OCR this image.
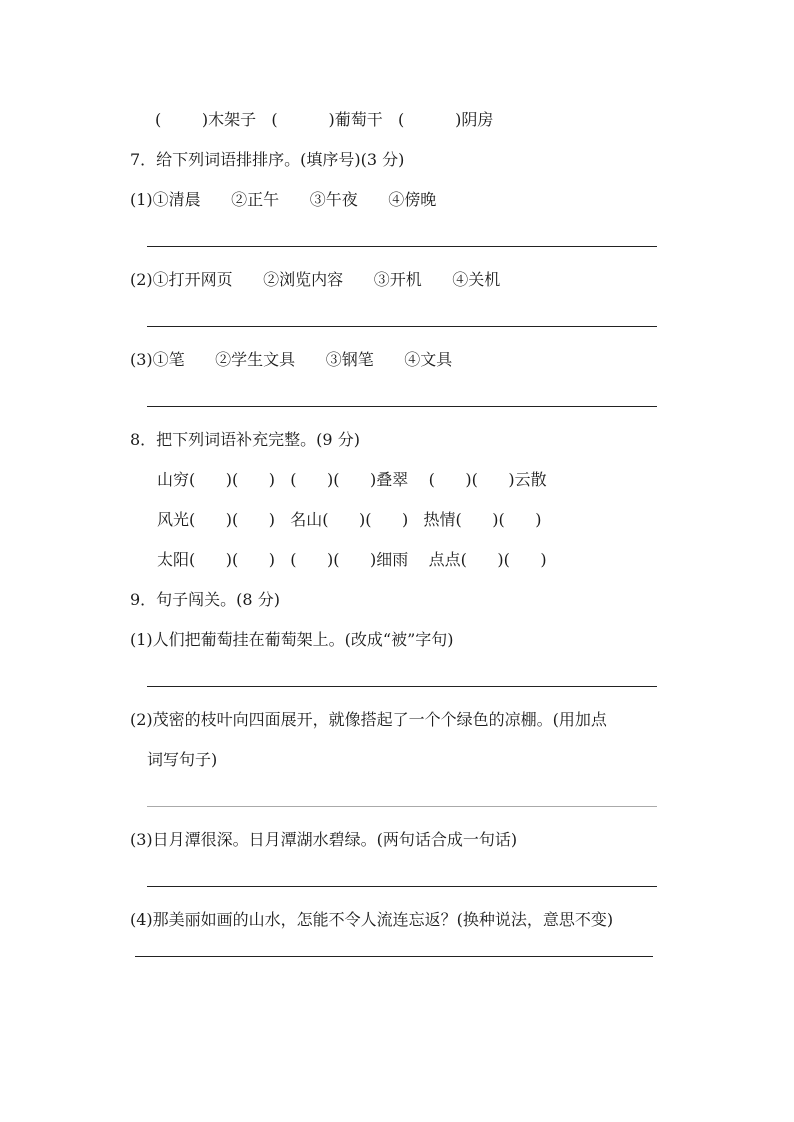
(        )木架子   (          )葡萄干   (          )阴房
7．给下列词语排排序。(填序号)(3 分)
(1)①清晨      ②正午      ③午夜      ④傍晚
(2)①打开网页      ②浏览内容      ③开机      ④关机
(3)①笔      ②学生文具      ③钢笔      ④文具
8．把下列词语补充完整。(9 分)
山穷(      )(      )   (      )(      )叠翠    (      )(      )云散
风光(      )(      )   名山(      )(      )   热情(      )(      )
太阳(      )(      )   (      )(      )细雨    点点(      )(      )
9．句子闯关。(8 分)
(1)人们把葡萄挂在葡萄架上。(改成“被”字句)
(2)茂密的枝叶向四面展开，就像搭起了一个个绿色的凉棚。(用加点
词写句子)
(3)日月潭很深。日月潭湖水碧绿。(两句话合成一句话)
(4)那美丽如画的山水，怎能不令人流连忘返？(换种说法，意思不变)
